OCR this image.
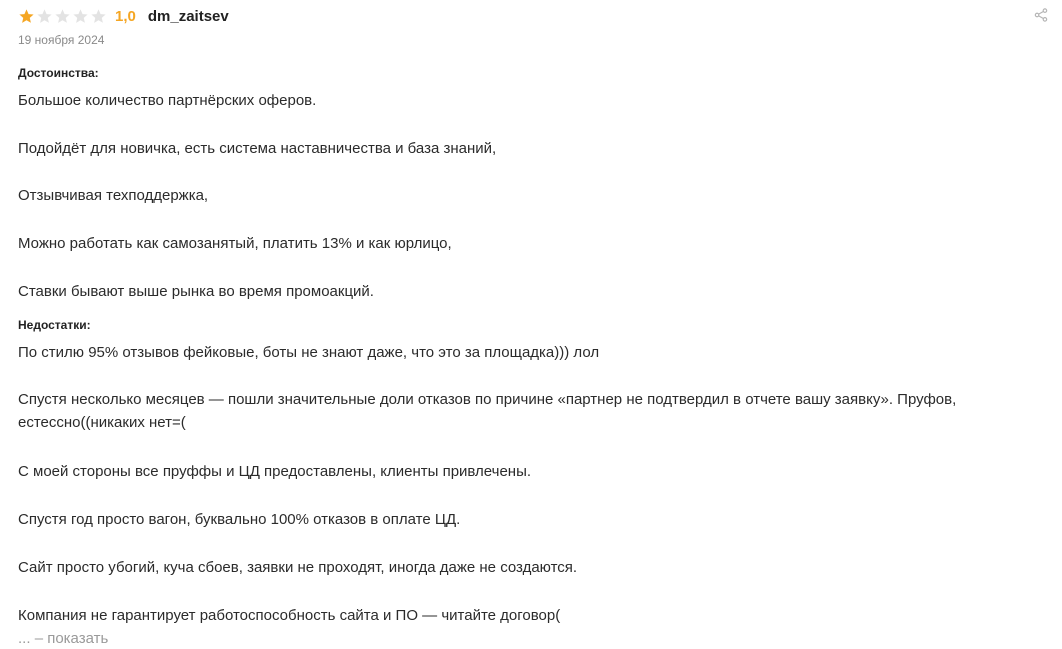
1,0 dm_zaitsev
19 ноября 2024
Достоинства:
Большое количество партнёрских оферов.
Подойдёт для новичка, есть система наставничества и база знаний,
Отзывчивая техподдержка,
Можно работать как самозанятый, платить 13% и как юрлицо,
Ставки бывают выше рынка во время промоакций.
Недостатки:
По стилю 95% отзывов фейковые, боты не знают даже, что это за площадка))) лол
Спустя несколько месяцев — пошли значительные доли отказов по причине «партнер не подтвердил в отчете вашу заявку». Пруфов, естессно((никаких нет=(
С моей стороны все пруффы и ЦД предоставлены, клиенты привлечены.
Спустя год просто вагон, буквально 100% отказов в оплате ЦД.
Сайт просто убогий, куча сбоев, заявки не проходят, иногда даже не создаются.
Компания не гарантирует работоспособность сайта и ПО — читайте договор(
... – показать
